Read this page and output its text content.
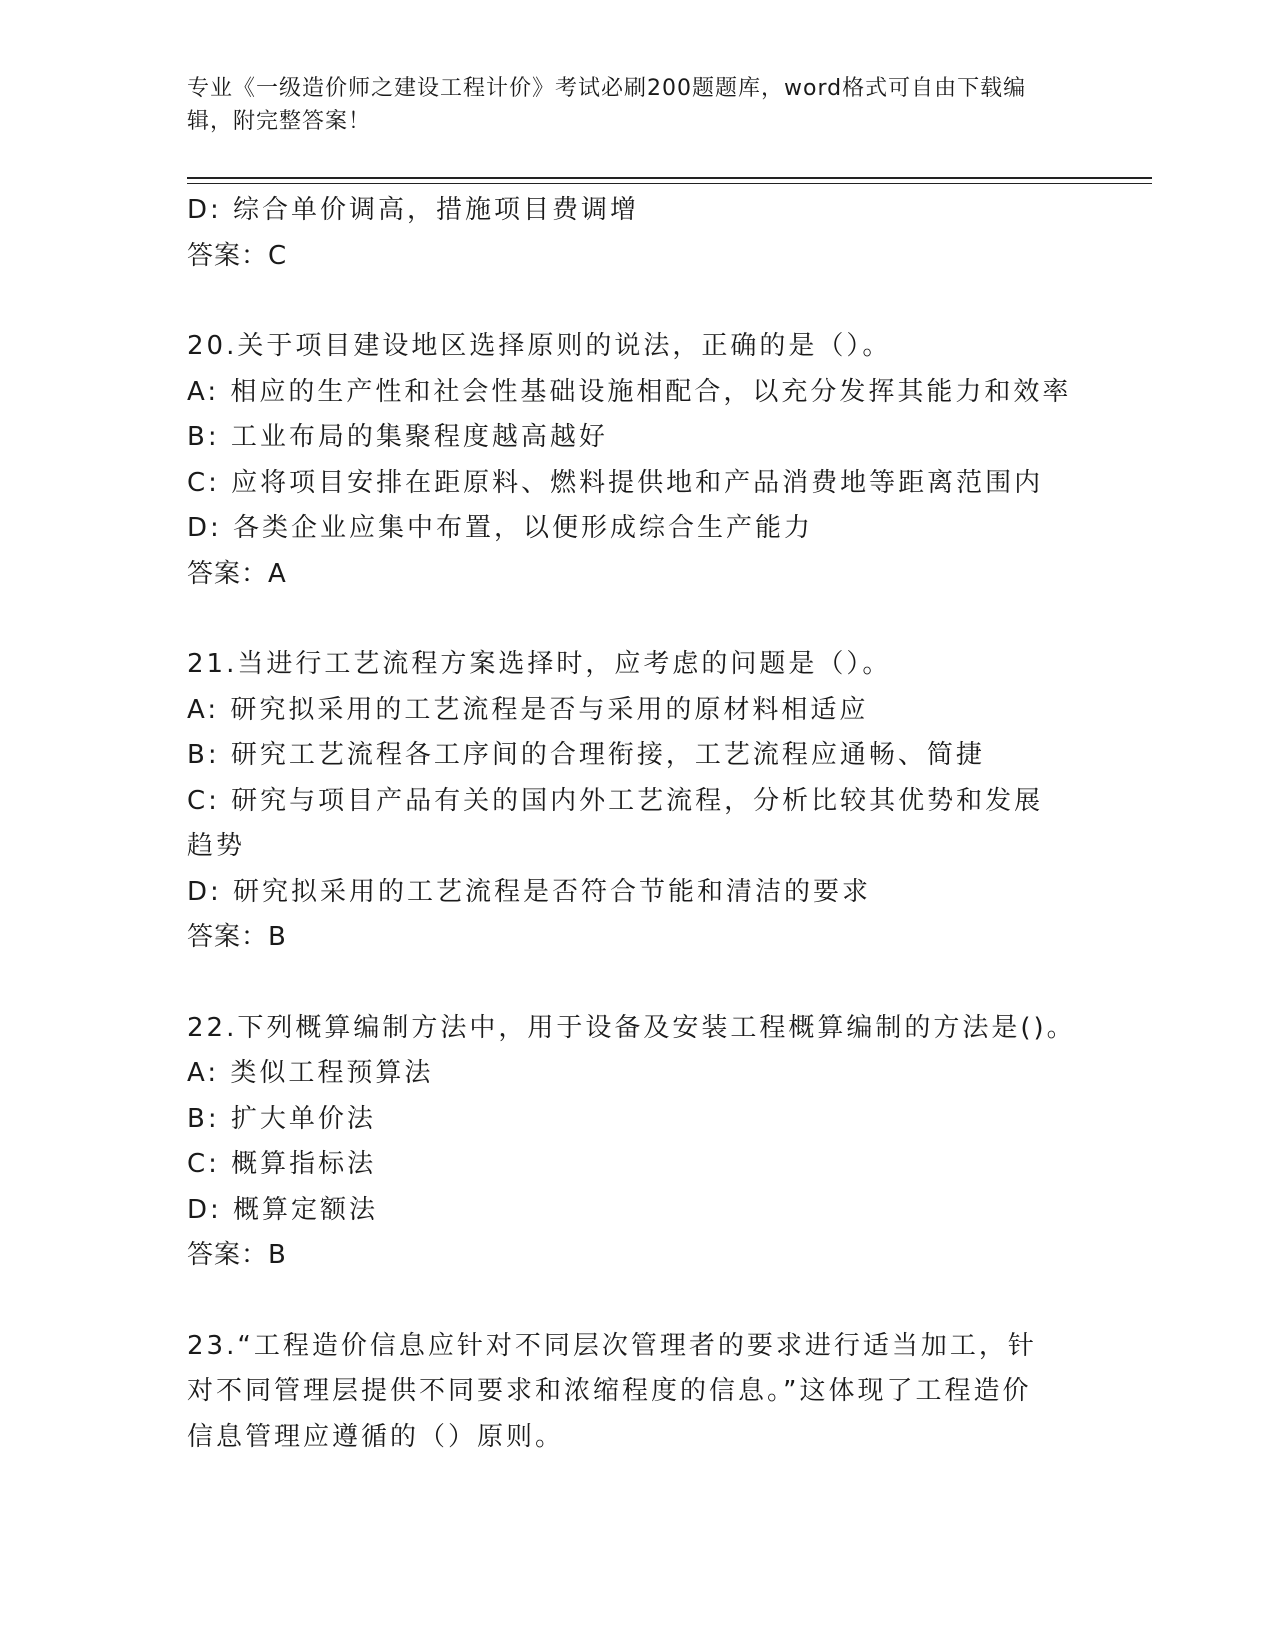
专业《一级造价师之建设工程计价》考试必刷200题题库，word格式可自由下载编辑，附完整答案！
D: 综合单价调高，措施项目费调增
答案：C
20.关于项目建设地区选择原则的说法，正确的是（）。
A: 相应的生产性和社会性基础设施相配合，以充分发挥其能力和效率
B: 工业布局的集聚程度越高越好
C: 应将项目安排在距原料、燃料提供地和产品消费地等距离范围内
D: 各类企业应集中布置，以便形成综合生产能力
答案：A
21.当进行工艺流程方案选择时，应考虑的问题是（）。
A: 研究拟采用的工艺流程是否与采用的原材料相适应
B: 研究工艺流程各工序间的合理衔接，工艺流程应通畅、简捷
C: 研究与项目产品有关的国内外工艺流程，分析比较其优势和发展趋势
D: 研究拟采用的工艺流程是否符合节能和清洁的要求
答案：B
22.下列概算编制方法中，用于设备及安装工程概算编制的方法是()。
A: 类似工程预算法
B: 扩大单价法
C: 概算指标法
D: 概算定额法
答案：B
23.“工程造价信息应针对不同层次管理者的要求进行适当加工，针对不同管理层提供不同要求和浓缩程度的信息。”这体现了工程造价信息管理应遵循的（）原则。
